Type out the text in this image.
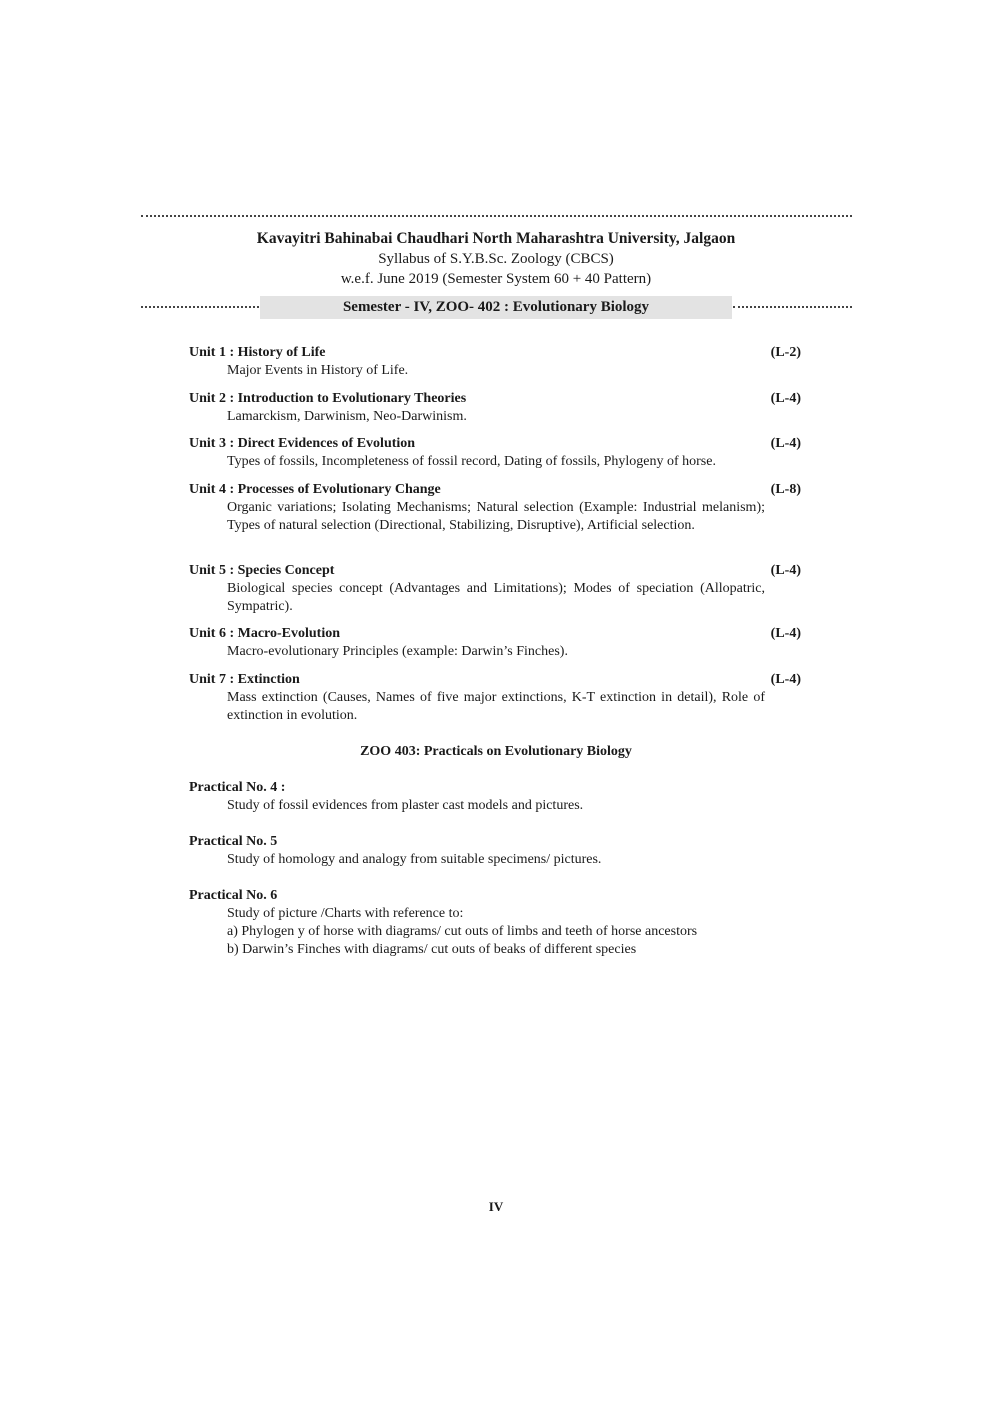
Kavayitri Bahinabai Chaudhari North Maharashtra University, Jalgaon
Syllabus of S.Y.B.Sc. Zoology (CBCS)
w.e.f. June 2019 (Semester System 60 + 40 Pattern)
Semester - IV, ZOO- 402 : Evolutionary Biology
Unit 1 : History of Life	(L-2)
Major Events in History of Life.
Unit 2 : Introduction to Evolutionary Theories	(L-4)
Lamarckism, Darwinism, Neo-Darwinism.
Unit 3 : Direct Evidences of Evolution	(L-4)
Types of fossils, Incompleteness of fossil record, Dating of fossils, Phylogeny of horse.
Unit 4 : Processes of Evolutionary Change	(L-8)
Organic variations; Isolating Mechanisms; Natural selection (Example: Industrial melanism); Types of natural selection (Directional, Stabilizing, Disruptive), Artificial selection.
Unit 5 : Species Concept	(L-4)
Biological species concept (Advantages and Limitations); Modes of speciation (Allopatric, Sympatric).
Unit 6 : Macro-Evolution	(L-4)
Macro-evolutionary Principles (example: Darwin’s Finches).
Unit 7 : Extinction	(L-4)
Mass extinction (Causes, Names of five major extinctions, K-T extinction in detail), Role of extinction in evolution.
ZOO 403: Practicals on Evolutionary Biology
Practical No. 4 :
Study of fossil evidences from plaster cast models and pictures.
Practical No. 5
Study of homology and analogy from suitable specimens/ pictures.
Practical No. 6
Study of picture /Charts with reference to:
a) Phylogen y of horse with diagrams/ cut outs of limbs and teeth of horse ancestors
b) Darwin’s Finches with diagrams/ cut outs of beaks of different species
IV
